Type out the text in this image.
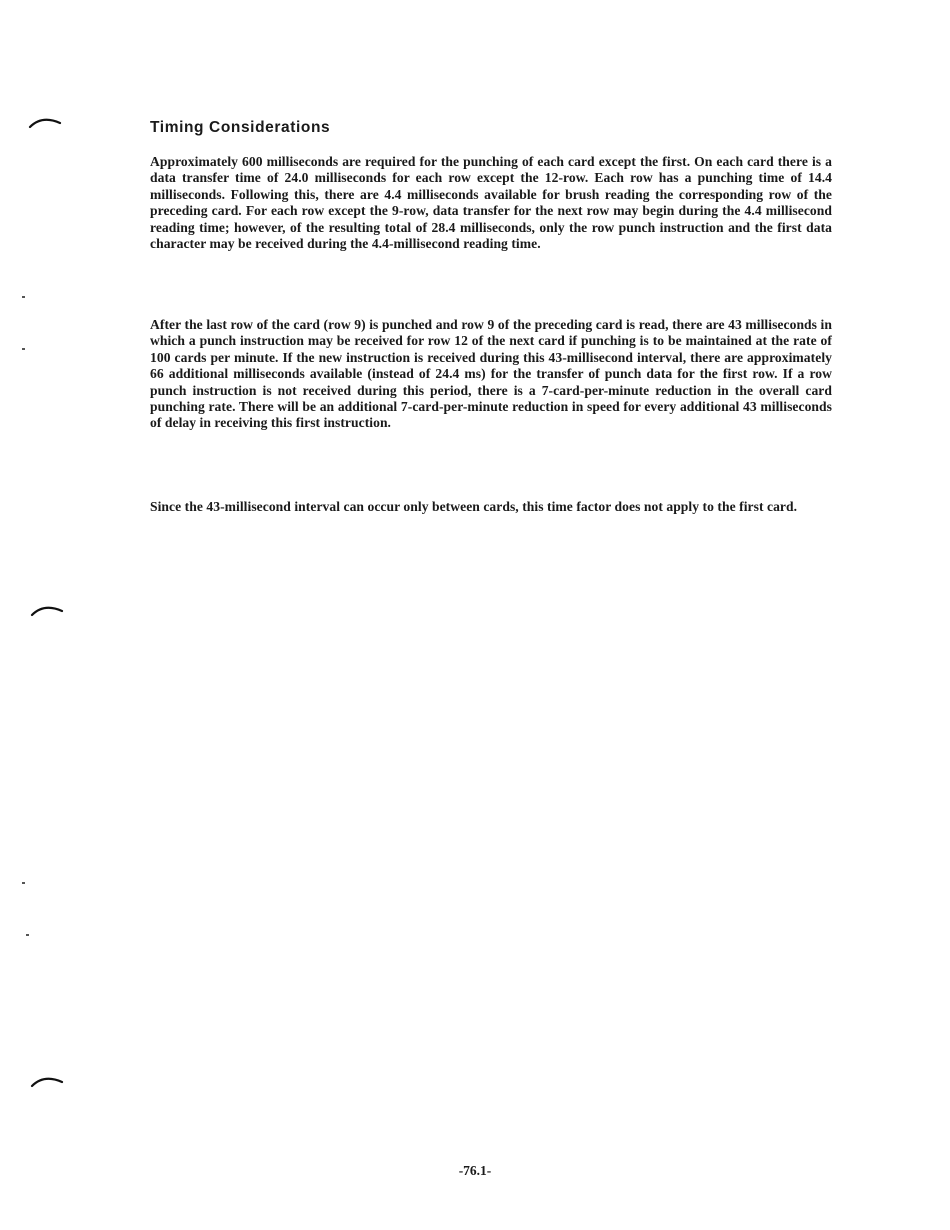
Timing Considerations

Approximately 600 milliseconds are required for the punching of each card except the first. On each card there is a data transfer time of 24.0 milliseconds for each row except the 12-row. Each row has a punching time of 14.4 milliseconds. Following this, there are 4.4 milliseconds available for brush reading the corresponding row of the preceding card. For each row except the 9-row, data transfer for the next row may begin during the 4.4 millisecond reading time; however, of the resulting total of 28.4 milliseconds, only the row punch instruction and the first data character may be received during the 4.4-millisecond reading time.

After the last row of the card (row 9) is punched and row 9 of the preceding card is read, there are 43 milliseconds in which a punch instruction may be received for row 12 of the next card if punching is to be maintained at the rate of 100 cards per minute. If the new instruction is received during this 43-millisecond interval, there are approximately 66 additional milliseconds available (instead of 24.4 ms) for the transfer of punch data for the first row. If a row punch instruction is not received during this period, there is a 7-card-per-minute reduction in the overall card punching rate. There will be an additional 7-card-per-minute reduction in speed for every additional 43 milliseconds of delay in receiving this first instruction.

Since the 43-millisecond interval can occur only between cards, this time factor does not apply to the first card.

-76.1-
